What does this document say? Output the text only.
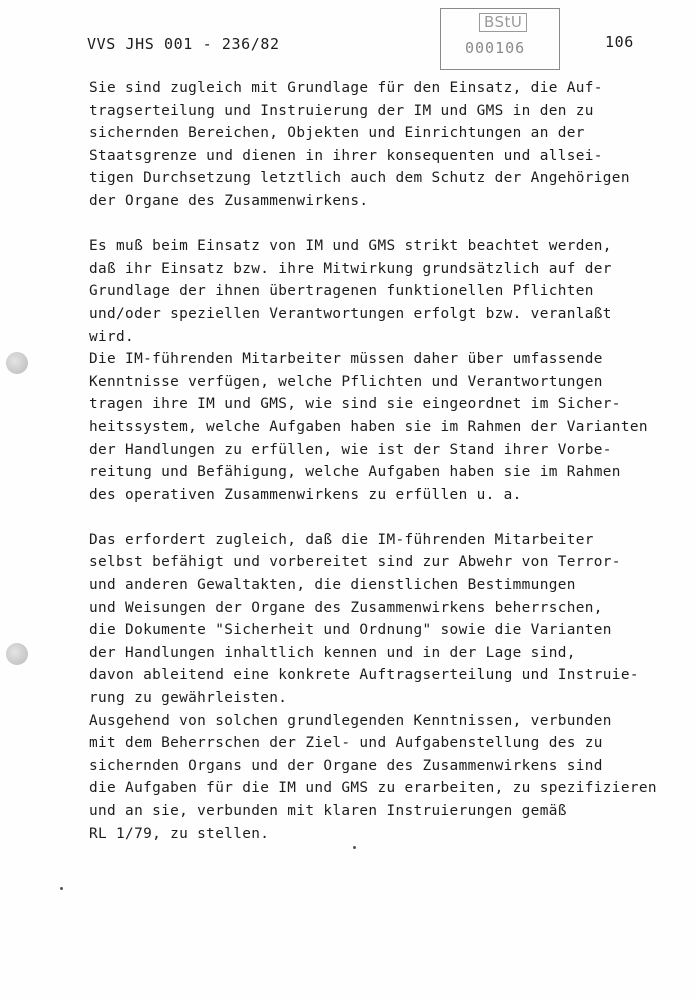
VVS JHS 001 - 236/82
BStU
000106	106
Sie sind zugleich mit Grundlage für den Einsatz, die Auf-
tragserteilung und Instruierung der IM und GMS in den zu
sichernden Bereichen, Objekten und Einrichtungen an der
Staatsgrenze und dienen in ihrer konsequenten und allsei-
tigen Durchsetzung letztlich auch dem Schutz der Angehörigen
der Organe des Zusammenwirkens.
Es muß beim Einsatz von IM und GMS strikt beachtet werden,
daß ihr Einsatz bzw. ihre Mitwirkung grundsätzlich auf der
Grundlage der ihnen übertragenen funktionellen Pflichten
und/oder speziellen Verantwortungen erfolgt bzw. veranlaßt
wird.
Die IM-führenden Mitarbeiter müssen daher über umfassende
Kenntnisse verfügen, welche Pflichten und Verantwortungen
tragen ihre IM und GMS, wie sind sie eingeordnet im Sicher-
heitssystem, welche Aufgaben haben sie im Rahmen der Varianten
der Handlungen zu erfüllen, wie ist der Stand ihrer Vorbe-
reitung und Befähigung, welche Aufgaben haben sie im Rahmen
des operativen Zusammenwirkens zu erfüllen u. a.
Das erfordert zugleich, daß die IM-führenden Mitarbeiter
selbst befähigt und vorbereitet sind zur Abwehr von Terror-
und anderen Gewaltakten, die dienstlichen Bestimmungen
und Weisungen der Organe des Zusammenwirkens beherrschen,
die Dokumente "Sicherheit und Ordnung" sowie die Varianten
der Handlungen inhaltlich kennen und in der Lage sind,
davon ableitend eine konkrete Auftragserteilung und Instruie-
rung zu gewährleisten.
Ausgehend von solchen grundlegenden Kenntnissen, verbunden
mit dem Beherrschen der Ziel- und Aufgabenstellung des zu
sichernden Organs und der Organe des Zusammenwirkens sind
die Aufgaben für die IM und GMS zu erarbeiten, zu spezifizieren
und an sie, verbunden mit klaren Instruierungen gemäß
RL 1/79, zu stellen.
